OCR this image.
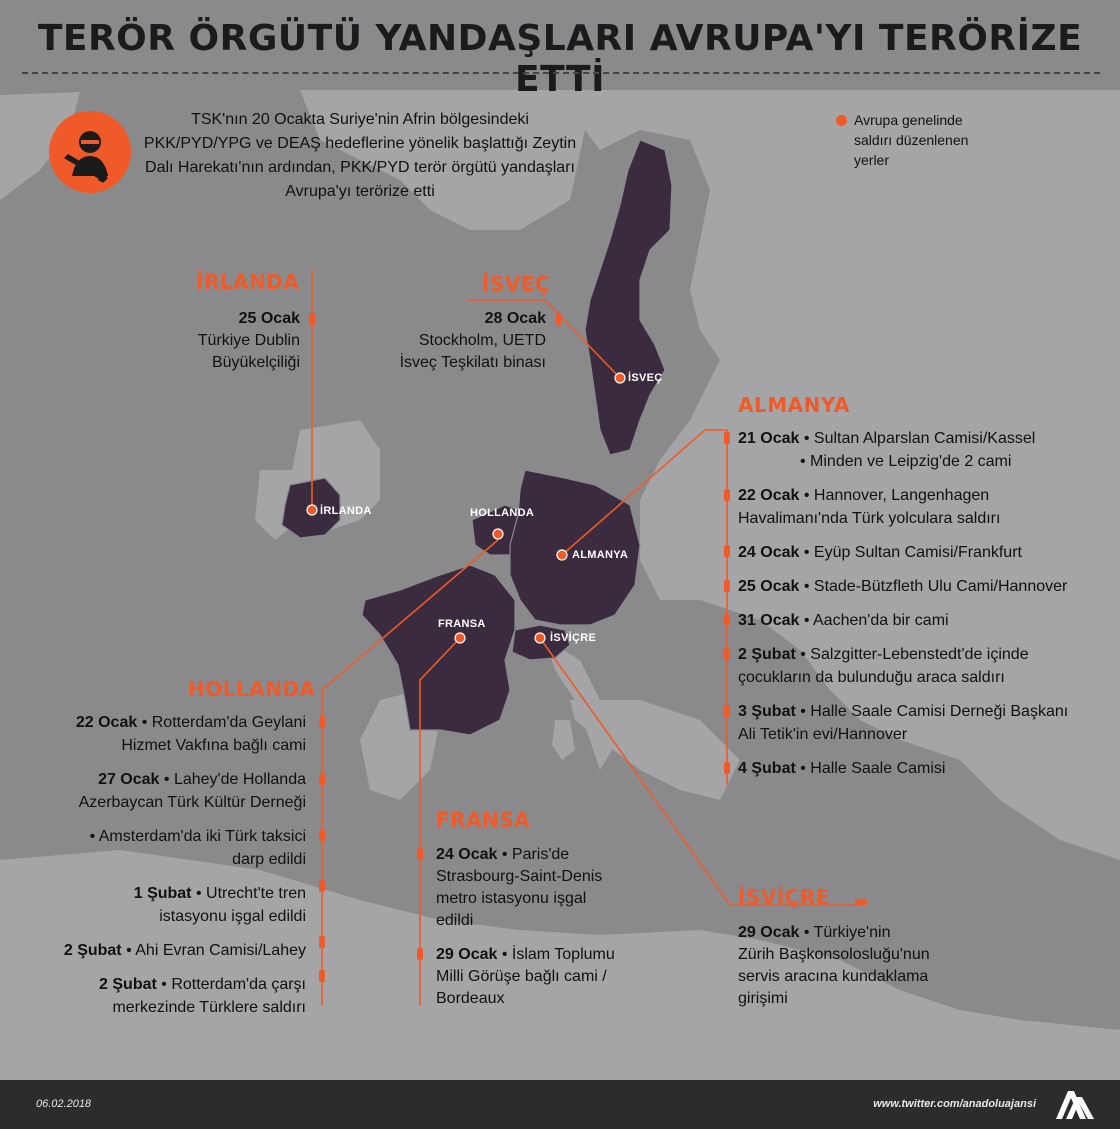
TERÖR ÖRGÜTÜ YANDAŞLARI AVRUPA'YI TERÖRİZE ETTİ
TSK'nın 20 Ocakta Suriye'nin Afrin bölgesindeki PKK/PYD/YPG ve DEAŞ hedeflerine yönelik başlattığı Zeytin Dalı Harekatı'nın ardından, PKK/PYD terör örgütü yandaşları Avrupa'yı terörize etti
Avrupa genelinde saldırı düzenlenen yerler
İSVEÇ
İRLANDA	HOLLANDA
ALMANYA
FRANSA
İSVİÇRE
İRLANDA	İSVEÇ
ALMANYA
HOLLANDA
FRANSA
İSVİÇRE
25 Ocak
Türkiye Dublin Büyükelçiliği
28 Ocak
Stockholm, UETD İsveç Teşkilatı binası
21 Ocak • Sultan Alparslan Camisi/Kassel
• Minden ve Leipzig'de 2 cami
22 Ocak • Hannover, Langenhagen
Havalimanı'nda Türk yolculara saldırı
24 Ocak • Eyüp Sultan Camisi/Frankfurt
25 Ocak • Stade-Bützfleth Ulu Cami/Hannover
31 Ocak • Aachen'da bir cami
2 Şubat • Salzgitter-Lebenstedt'de içinde
çocukların da bulunduğu araca saldırı
3 Şubat • Halle Saale Camisi Derneği Başkanı
Ali Tetik'in evi/Hannover
4 Şubat • Halle Saale Camisi
22 Ocak • Rotterdam'da Geylani
Hizmet Vakfına bağlı cami
27 Ocak • Lahey'de Hollanda
Azerbaycan Türk Kültür Derneği
• Amsterdam'da iki Türk taksici
darp edildi
1 Şubat • Utrecht'te tren
istasyonu işgal edildi
2 Şubat • Ahi Evran Camisi/Lahey
2 Şubat • Rotterdam'da çarşı
merkezinde Türklere saldırı
24 Ocak • Paris'de
Strasbourg-Saint-Denis
metro istasyonu işgal
edildi
29 Ocak • İslam Toplumu
Milli Görüşe bağlı cami /
Bordeaux
29 Ocak • Türkiye'nin
Zürih Başkonsolosluğu'nun
servis aracına kundaklama
girişimi
06.02.2018	www.twitter.com/anadoluajansi
